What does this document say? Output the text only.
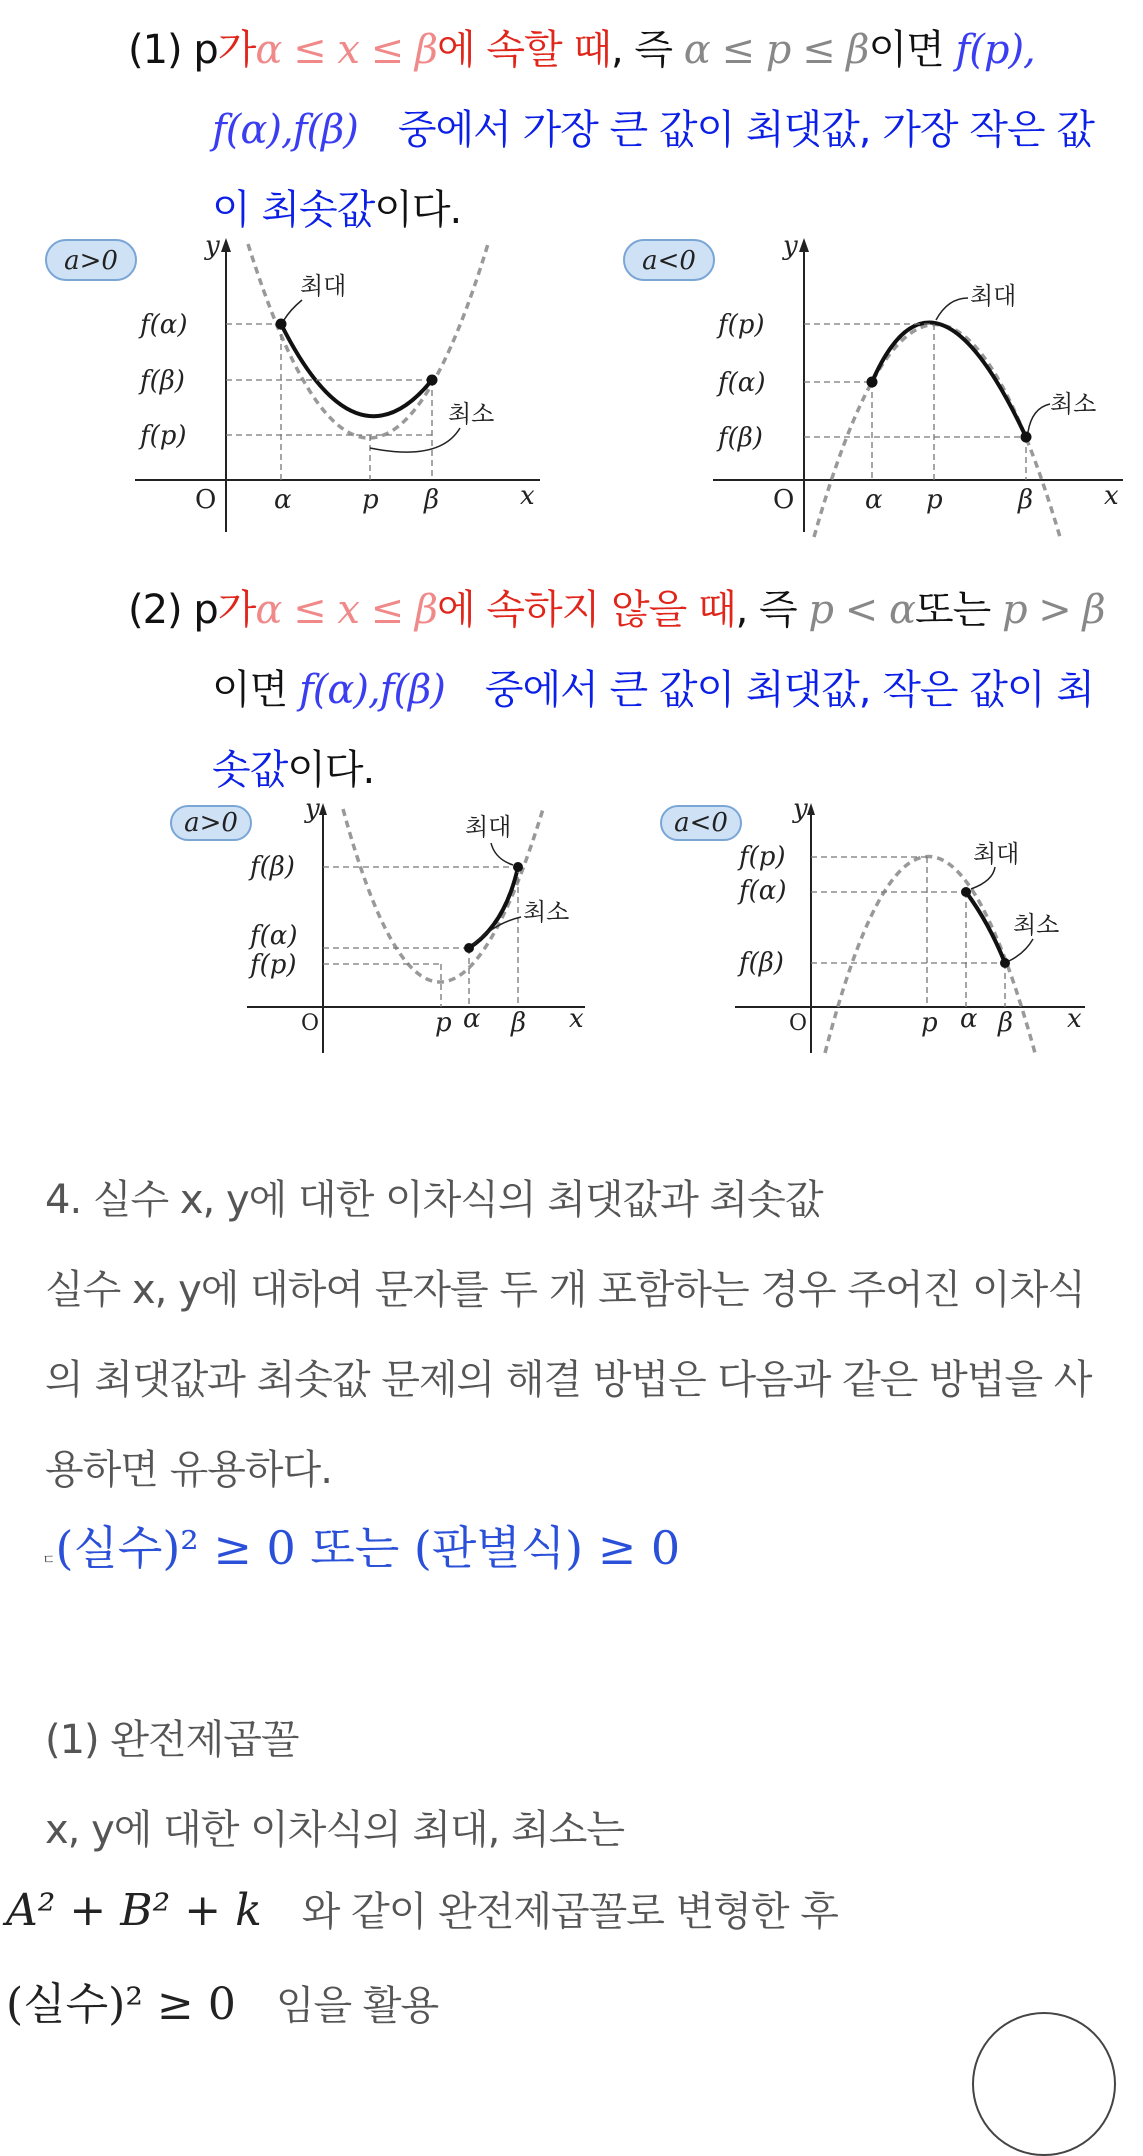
(1) p가α ≤ x ≤ β에 속할 때, 즉 α ≤ p ≤ β이면 f(p),
f(α),f(β) 중에서 가장 큰 값이 최댓값, 가장 작은 값
이 최솟값이다.
a>0	y
x
O
f(α)
f(β)
f(p)
α	p β
최대
최소
a<0	y
x
O
f(p)
f(α)
f(β)
α p	β
최대
최소
(2) p가α ≤ x ≤ β에 속하지 않을 때, 즉 p < α또는 p > β
이면 f(α),f(β) 중에서 큰 값이 최댓값, 작은 값이 최
솟값이다.
a>0	y
x
O
f(β)
f(α)
f(p)
p α β
최대
최소
a<0	y
x
O
f(p)
f(α)
f(β)
p α β
최대
최소
4. 실수 x, y에 대한 이차식의 최댓값과 최솟값
실수 x, y에 대하여 문자를 두 개 포함하는 경우 주어진 이차식
의 최댓값과 최솟값 문제의 해결 방법은 다음과 같은 방법을 사
용하면 유용하다.
ㄷ(실수)² ≥ 0 또는 (판별식) ≥ 0
(1) 완전제곱꼴
x, y에 대한 이차식의 최대, 최소는
A² + B² + k 와 같이 완전제곱꼴로 변형한 후
(실수)² ≥ 0 임을 활용
